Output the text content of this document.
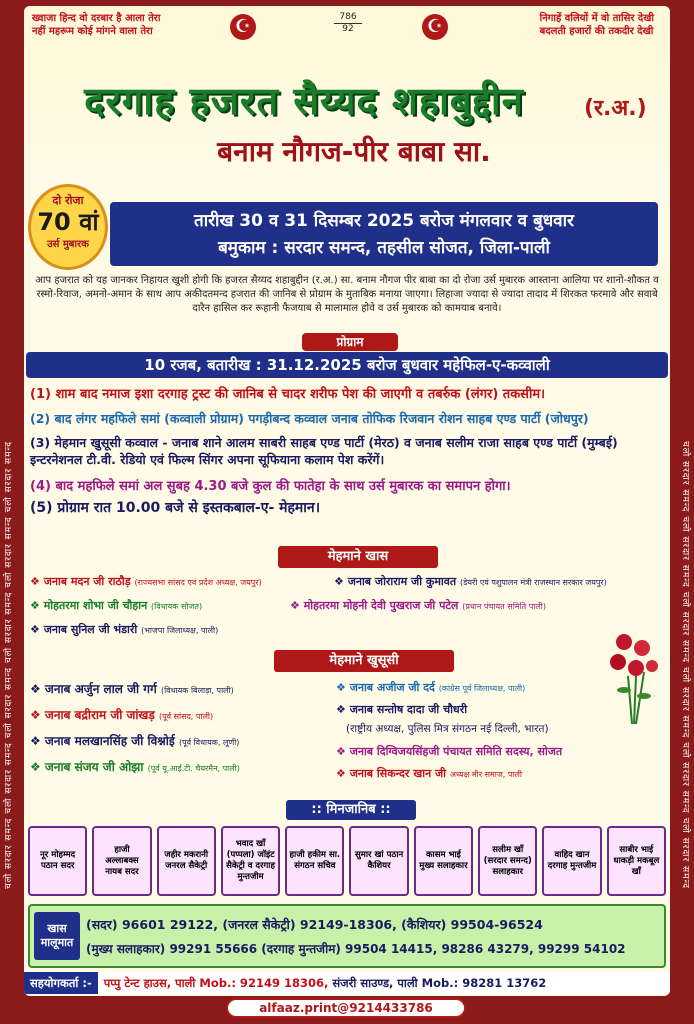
चलो सरदार समन्द चलो सरदार समन्द चलो सरदार समन्द चलो सरदार समन्द चलो सरदार समन्द चलो सरदार समन्द	चलो सरदार समन्द चलो सरदार समन्द चलो सरदार समन्द चलो सरदार समन्द चलो सरदार समन्द चलो सरदार समन्द
ख्वाजा हिन्द वो दरबार है आला तेरा
नहीं महरूम कोई मांगने वाला तेरा
निगाहें वलियों में वो तासिर देखी
बदलती हजारों की तकदीर देखी
☪	☪
786
92
दरगाह हजरत सैय्यद शहाबुद्दीन	(र.अ.)
बनाम नौगज-पीर बाबा सा.
दो रोजा
70 वां
उर्स मुबारक
तारीख 30 व 31 दिसम्बर 2025 बरोज मंगलवार व बुधवार
बमुकाम : सरदार समन्द, तहसील सोजत, जिला-पाली
आप हजरात को यह जानकर निहायत खुशी होगी कि हजरत सैय्यद शहाबुद्दीन (र.अ.) सा. बनाम नौगज पीर बाबा का दो रोजा उर्स मुबारक आस्ताना आलिया पर शानो-शौकत व रस्मो-रिवाज, अमनो-अमान के साथ आप अकीदतमन्द हजरात की जानिब से प्रोग्राम के मुताबिक मनाया जाएगा। लिहाजा ज्यादा से ज्यादा तादाद में शिरकत फरमावे और सवाबे दारैन हासिल कर रूहानी फैजयाब से मालामाल होवे व उर्स मुबारक को कामयाब बनावे।
प्रोग्राम
10 रजब, बतारीख : 31.12.2025 बरोज बुधवार महेफिल-ए-कव्वाली
(1) शाम बाद नमाज इशा दरगाह ट्रस्ट की जानिब से चादर शरीफ पेश की जाएगी व तबर्रुक (लंगर) तकसीम।
(2) बाद लंगर महफिले समां (कव्वाली प्रोग्राम) पगड़ीबन्द कव्वाल जनाब तोफिक रिजवान रोशन साहब एण्ड पार्टी (जोधपुर)
(3) मेहमान खुसूसी कव्वाल - जनाब शाने आलम साबरी साहब एण्ड पार्टी (मेरठ) व जनाब सलीम राजा साहब एण्ड पार्टी (मुम्बई) इन्टरनेशनल टी.वी. रेडियो एवं फिल्म सिंगर अपना सूफियाना कलाम पेश करेंगें।
(4) बाद महफिले समां अल सुबह 4.30 बजे कुल की फातेहा के साथ उर्स मुबारक का समापन होगा।
(5) प्रोग्राम रात 10.00 बजे से इस्तकबाल-ए- मेहमान।
मेहमाने खास
❖ जनाब मदन जी राठौड़ (राज्यसभा सांसद एवं प्रदेश अध्यक्ष, जयपुर)	❖ जनाब जोराराम जी कुमावत (डेयरी एवं पशुपालन मंत्री राजस्थान सरकार जयपुर)
❖ मोहतरमा शोभा जी चौहान (विधायक सोजत)	❖ मोहतरमा मोहनी देवी पुखराज जी पटेल (प्रधान पंचायत समिति पाली)
❖ जनाब सुनिल जी भंडारी (भाजपा जिलाध्यक्ष, पाली)
मेहमाने खुसूसी
❖ जनाब अर्जुन लाल जी गर्ग (विधायक बिलाड़ा, पाली)	❖ जनाब अजीज जी दर्द (कांग्रेस पूर्व जिलाध्यक्ष, पाली)
❖ जनाब बद्रीराम जी जांखड़ (पूर्व सांसद, पाली)
❖ जनाब सन्तोष दादा जी चौधरी
(राष्ट्रीय अध्यक्ष, पुलिस मित्र संगठन नई दिल्ली, भारत)
❖ जनाब मलखानसिंह जी विश्नोई (पूर्व विधायक, लूणी)
❖ जनाब दिग्विजयसिंहजी पंचायत समिति सदस्य, सोजत
❖ जनाब संजय जी ओझा (पूर्व यू.आई.टी. चैयरमैन, पाली)	❖ जनाब सिकन्दर खान जी अध्यक्ष मीर समाज, पाली
:: मिनजानिब ::
नूर मोहम्मद पठान सदर
हाजी अल्लाबक्स नायब सदर
जहीर मकरानी जनरल सैकेट्री
भवाद खाँ (पप्पला) जॉइंट सैकेट्री व दरगाह मुन्तजीम
हाजी हकीम सा. संगठन सचिव
सुमार खां पठान कैशियर
कासम भाई मुख्य सलाहकार
सलीम खाँ (सरदार समन्द) सलाहकार
वाहिद खान दरगाह मुन्तजीम
साबीर भाई धाकड़ी मकबूल खाँ
खास मालूमात
(सदर) 96601 29122, (जनरल सैकेट्री) 92149-18306, (कैशियर) 99504-96524
(मुख्य सलाहकार) 99291 55666 (दरगाह मुन्तजीम) 99504 14415, 98286 43279, 99299 54102
सहयोगकर्ता :- पप्पु टेन्ट हाउस, पाली Mob.: 92149 18306, संजरी साउण्ड, पाली Mob.: 98281 13762
alfaaz.print@9214433786
